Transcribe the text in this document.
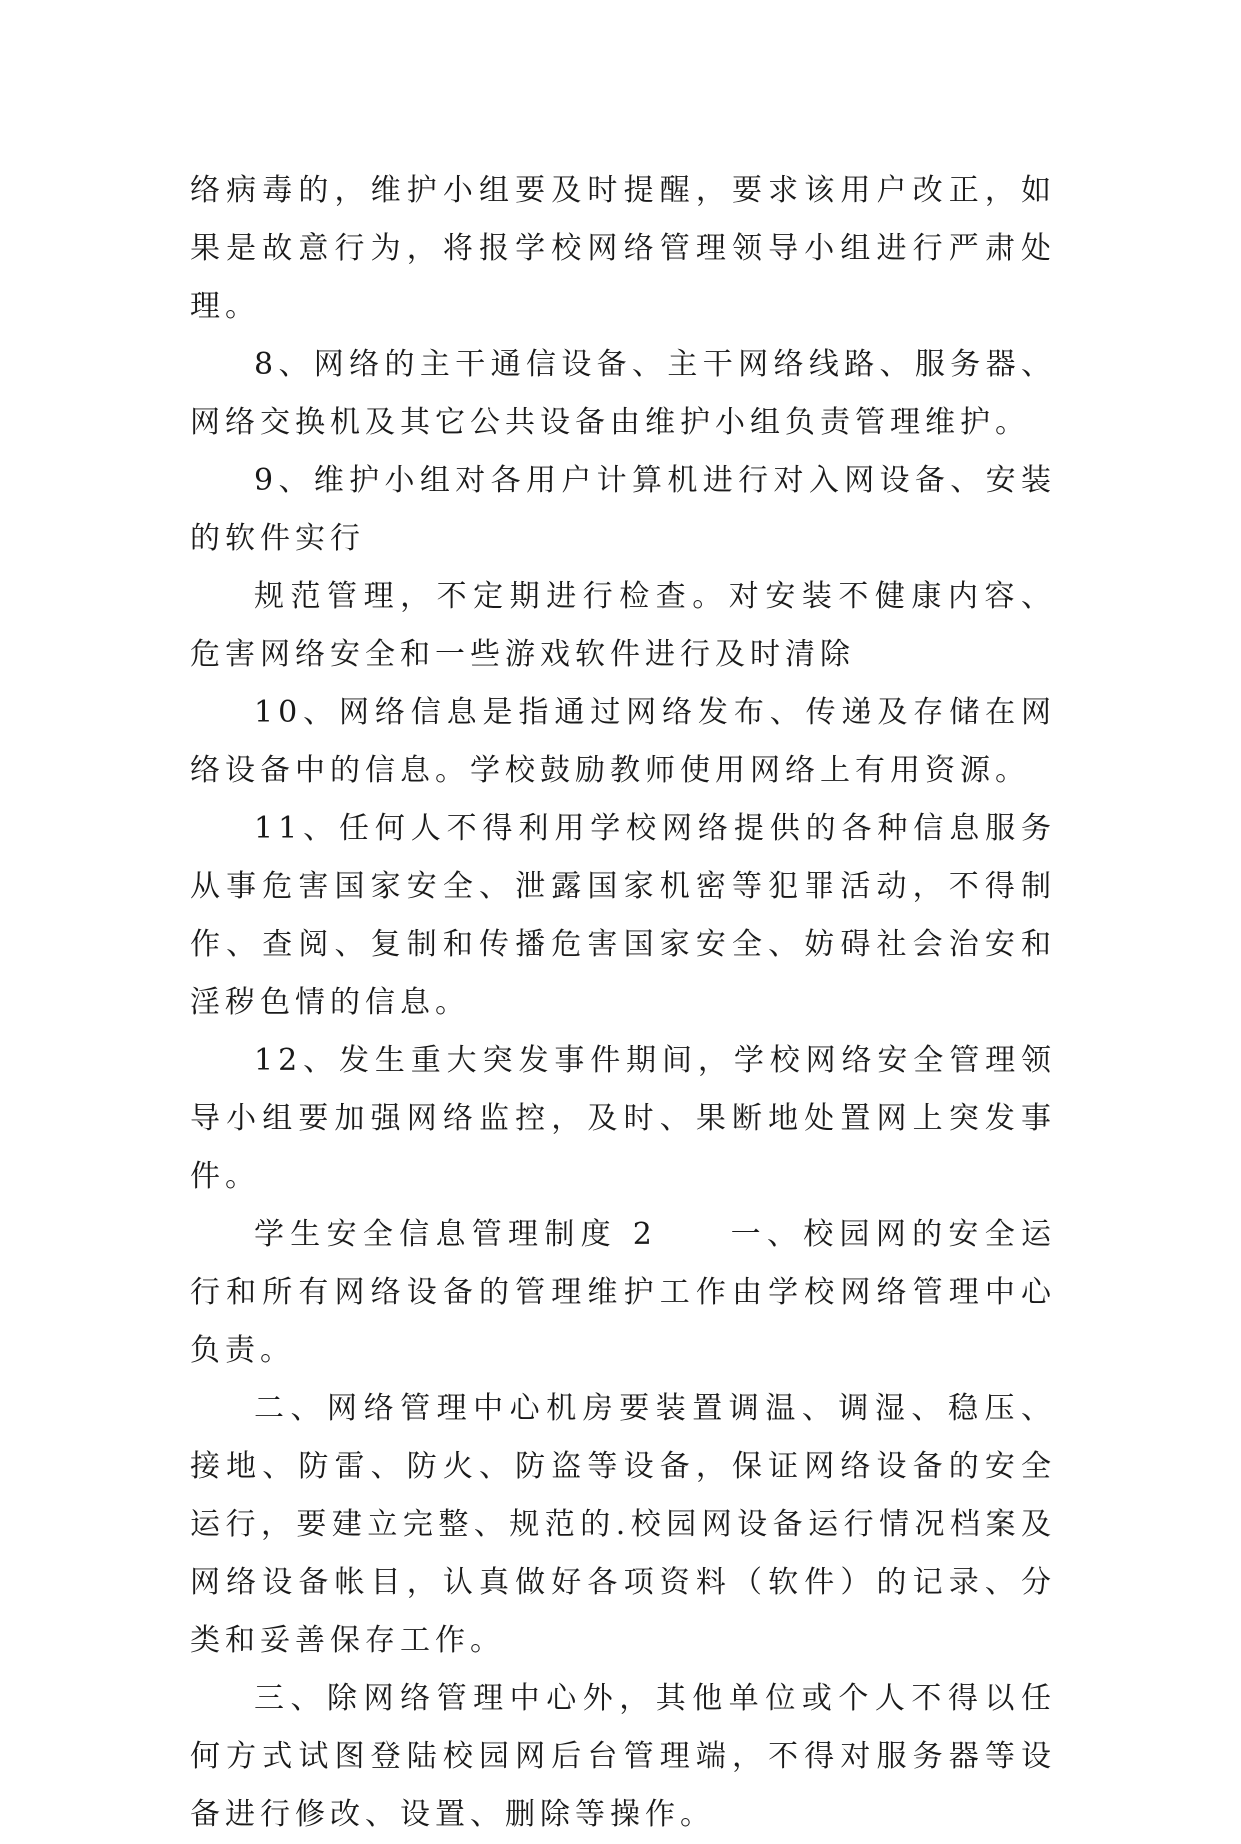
络病毒的，维护小组要及时提醒，要求该用户改正，如果是故意行为，将报学校网络管理领导小组进行严肃处理。

8、网络的主干通信设备、主干网络线路、服务器、网络交换机及其它公共设备由维护小组负责管理维护。

9、维护小组对各用户计算机进行对入网设备、安装的软件实行

规范管理，不定期进行检查。对安装不健康内容、危害网络安全和一些游戏软件进行及时清除

10、网络信息是指通过网络发布、传递及存储在网络设备中的信息。学校鼓励教师使用网络上有用资源。

11、任何人不得利用学校网络提供的各种信息服务从事危害国家安全、泄露国家机密等犯罪活动，不得制作、查阅、复制和传播危害国家安全、妨碍社会治安和淫秽色情的信息。

12、发生重大突发事件期间，学校网络安全管理领导小组要加强网络监控，及时、果断地处置网上突发事件。

学生安全信息管理制度 2　　一、校园网的安全运行和所有网络设备的管理维护工作由学校网络管理中心负责。

二、网络管理中心机房要装置调温、调湿、稳压、接地、防雷、防火、防盗等设备，保证网络设备的安全运行，要建立完整、规范的.校园网设备运行情况档案及网络设备帐目，认真做好各项资料（软件）的记录、分类和妥善保存工作。

三、除网络管理中心外，其他单位或个人不得以任何方式试图登陆校园网后台管理端，不得对服务器等设备进行修改、设置、删除等操作。
